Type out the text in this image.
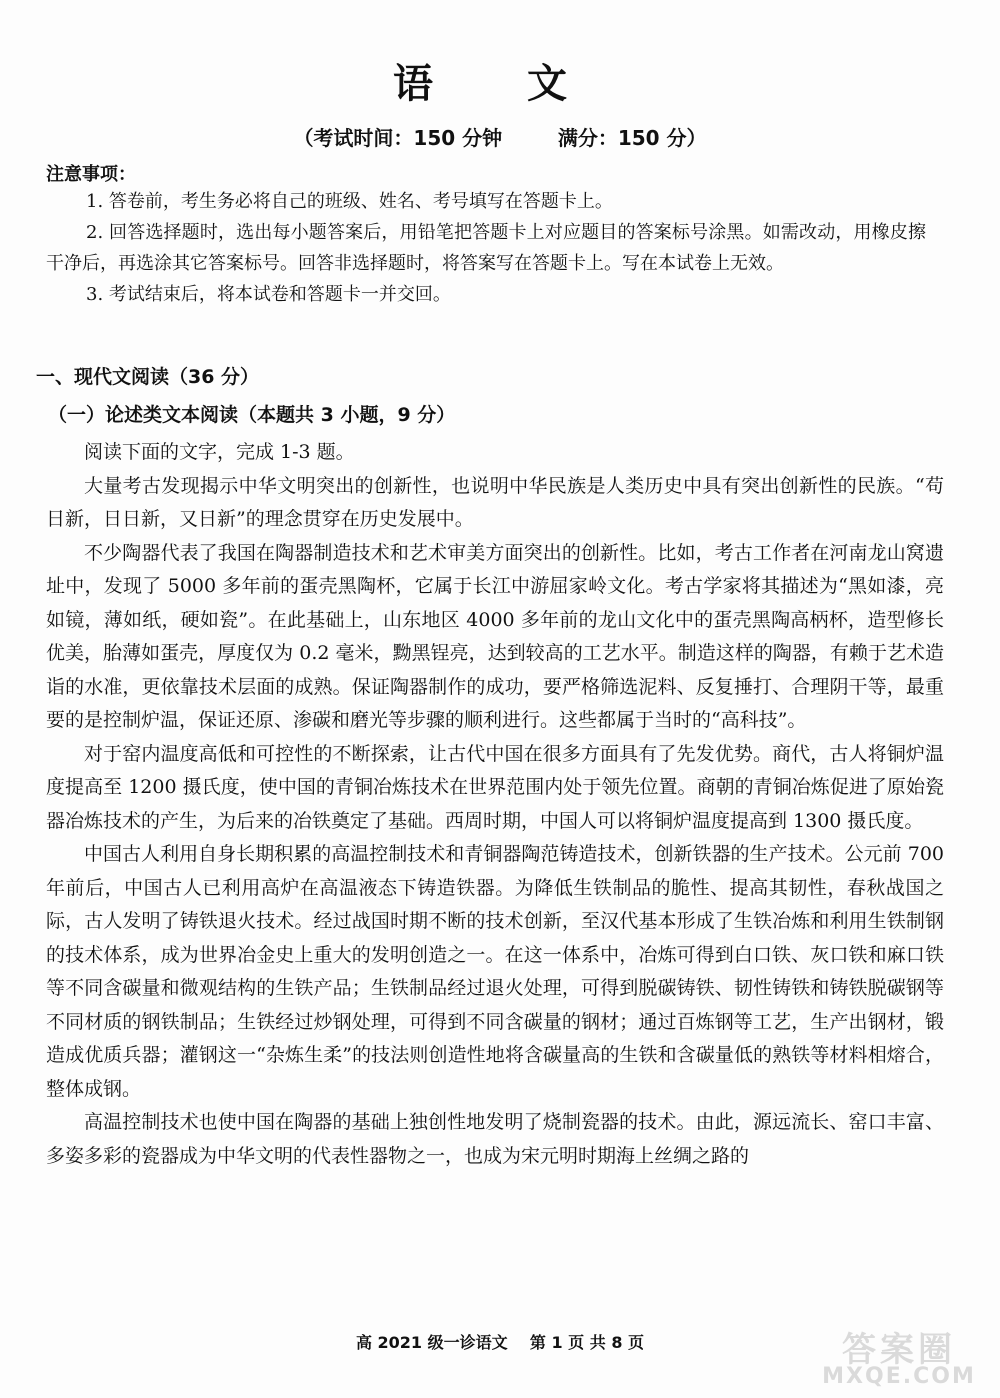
语 文
（考试时间：150 分钟        满分：150 分）
注意事项：

1. 答卷前，考生务必将自己的班级、姓名、考号填写在答题卡上。

2. 回答选择题时，选出每小题答案后，用铅笔把答题卡上对应题目的答案标号涂黑。如需改动，用橡皮擦干净后，再选涂其它答案标号。回答非选择题时，将答案写在答题卡上。写在本试卷上无效。

3. 考试结束后，将本试卷和答题卡一并交回。

一、现代文阅读（36 分）
（一）论述类文本阅读（本题共 3 小题，9 分）

阅读下面的文字，完成 1-3 题。

大量考古发现揭示中华文明突出的创新性，也说明中华民族是人类历史中具有突出创新性的民族。“苟日新，日日新，又日新”的理念贯穿在历史发展中。

不少陶器代表了我国在陶器制造技术和艺术审美方面突出的创新性。比如，考古工作者在河南龙山窝遗址中，发现了 5000 多年前的蛋壳黑陶杯，它属于长江中游屈家岭文化。考古学家将其描述为“黑如漆，亮如镜，薄如纸，硬如瓷”。在此基础上，山东地区 4000 多年前的龙山文化中的蛋壳黑陶高柄杯，造型修长优美，胎薄如蛋壳，厚度仅为 0.2 毫米，黝黑锃亮，达到较高的工艺水平。制造这样的陶器，有赖于艺术造诣的水准，更依靠技术层面的成熟。保证陶器制作的成功，要严格筛选泥料、反复捶打、合理阴干等，最重要的是控制炉温，保证还原、渗碳和磨光等步骤的顺利进行。这些都属于当时的“高科技”。

对于窑内温度高低和可控性的不断探索，让古代中国在很多方面具有了先发优势。商代，古人将铜炉温度提高至 1200 摄氏度，使中国的青铜冶炼技术在世界范围内处于领先位置。商朝的青铜冶炼促进了原始瓷器冶炼技术的产生，为后来的冶铁奠定了基础。西周时期，中国人可以将铜炉温度提高到 1300 摄氏度。

中国古人利用自身长期积累的高温控制技术和青铜器陶范铸造技术，创新铁器的生产技术。公元前 700 年前后，中国古人已利用高炉在高温液态下铸造铁器。为降低生铁制品的脆性、提高其韧性，春秋战国之际，古人发明了铸铁退火技术。经过战国时期不断的技术创新，至汉代基本形成了生铁冶炼和利用生铁制钢的技术体系，成为世界冶金史上重大的发明创造之一。在这一体系中，冶炼可得到白口铁、灰口铁和麻口铁等不同含碳量和微观结构的生铁产品；生铁制品经过退火处理，可得到脱碳铸铁、韧性铸铁和铸铁脱碳钢等不同材质的钢铁制品；生铁经过炒钢处理，可得到不同含碳量的钢材；通过百炼钢等工艺，生产出钢材，锻造成优质兵器；灌钢这一“杂炼生柔”的技法则创造性地将含碳量高的生铁和含碳量低的熟铁等材料相熔合，整体成钢。

高温控制技术也使中国在陶器的基础上独创性地发明了烧制瓷器的技术。由此，源远流长、窑口丰富、多姿多彩的瓷器成为中华文明的代表性器物之一，也成为宋元明时期海上丝绸之路的

高 2021 级一诊语文    第 1 页 共 8 页	答案圈
MXQE.COM
